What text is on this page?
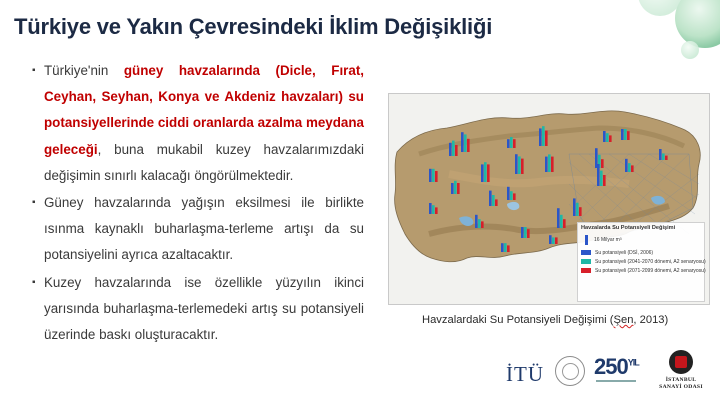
Türkiye ve Yakın Çevresindeki İklim Değişikliği
▪ Türkiye'nin güney havzalarında (Dicle, Fırat, Ceyhan, Seyhan, Konya ve Akdeniz havzaları) su potansiyellerinde ciddi oranlarda azalma meydana geleceği, buna mukabil kuzey havzalarımızdaki değişimin sınırlı kalacağı öngörülmektedir.
▪ Güney havzalarında yağışın eksilmesi ile birlikte ısınma kaynaklı buharlaşma-terleme artışı da su potansiyelini ayrıca azaltacaktır.
▪ Kuzey havzalarında ise özellikle yüzyılın ikinci yarısında buharlaşma-terlemedeki artış su potansiyeli üzerinde baskı oluşturacaktır.
Havzalarda Su Potansiyeli Değişimi
16 Milyar m³
Su potansiyeli (DSİ, 2006)
Su potansiyeli (2041-2070 dönemi, A2 senaryosu)
Su potansiyeli (2071-2099 dönemi, A2 senaryosu)
Havzalardaki Su Potansiyeli Değişimi (Şen, 2013)
İTÜ $250^{YIL}$
İSTANBUL
SANAYİ ODASI
